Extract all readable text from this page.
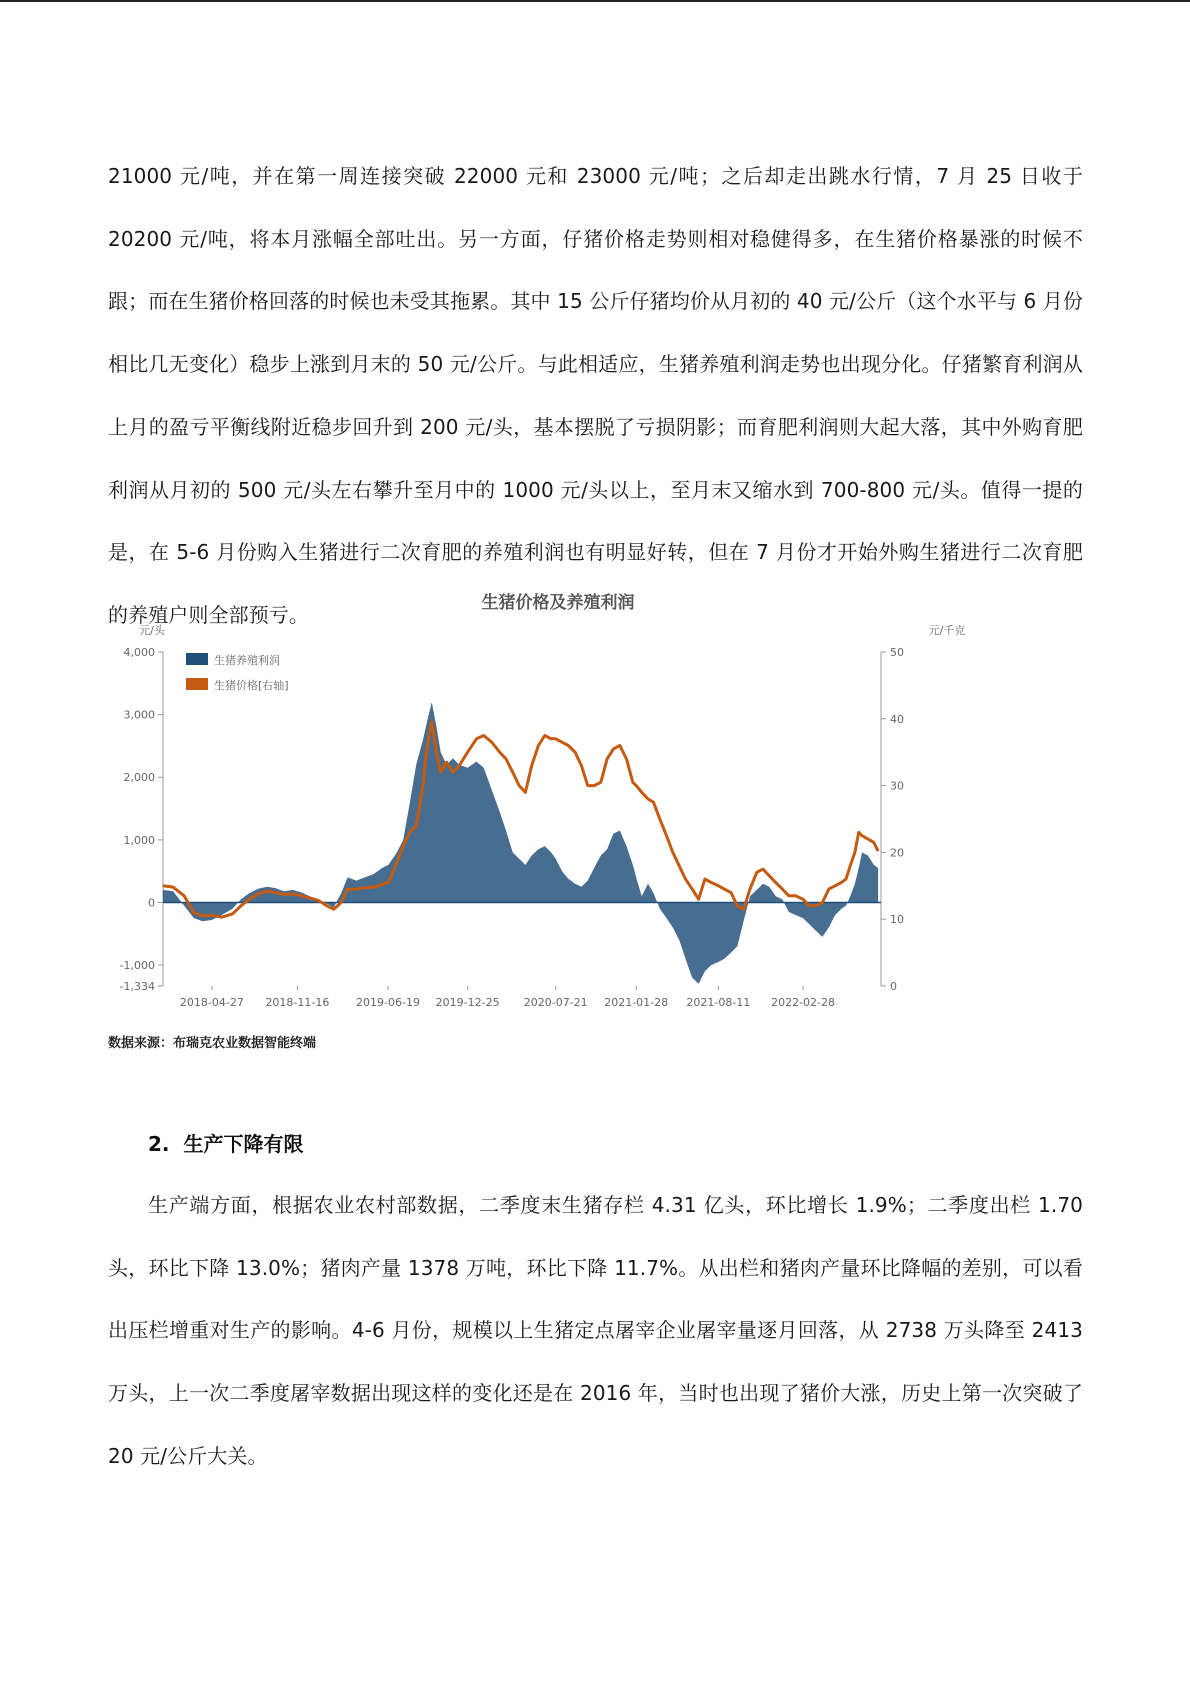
21000 元/吨，并在第一周连接突破 22000 元和 23000 元/吨；之后却走出跳水行情，7 月 25 日收于 20200 元/吨，将本月涨幅全部吐出。另一方面，仔猪价格走势则相对稳健得多，在生猪价格暴涨的时候不跟；而在生猪价格回落的时候也未受其拖累。其中 15 公斤仔猪均价从月初的 40 元/公斤（这个水平与 6 月份相比几无变化）稳步上涨到月末的 50 元/公斤。与此相适应，生猪养殖利润走势也出现分化。仔猪繁育利润从上月的盈亏平衡线附近稳步回升到 200 元/头，基本摆脱了亏损阴影；而育肥利润则大起大落，其中外购育肥利润从月初的 500 元/头左右攀升至月中的 1000 元/头以上，至月末又缩水到 700-800 元/头。值得一提的是，在 5-6 月份购入生猪进行二次育肥的养殖利润也有明显好转，但在 7 月份才开始外购生猪进行二次育肥的养殖户则全部预亏。	生猪价格及养殖利润
元/头	元/千克
4,000
3,000
2,000
1,000
0
-1,000
-1,334
50
40
30
20
10
0
2018-04-27 2018-11-16 2019-06-19 2019-12-25 2020-07-21 2021-01-28 2021-08-11 2022-02-28
生猪养殖利润
生猪价格[右轴]
数据来源：布瑞克农业数据智能终端
2. 生产下降有限

生产端方面，根据农业农村部数据，二季度末生猪存栏 4.31 亿头，环比增长 1.9%；二季度出栏 1.70 头，环比下降 13.0%；猪肉产量 1378 万吨，环比下降 11.7%。从出栏和猪肉产量环比降幅的差别，可以看出压栏增重对生产的影响。4-6 月份，规模以上生猪定点屠宰企业屠宰量逐月回落，从 2738 万头降至 2413 万头，上一次二季度屠宰数据出现这样的变化还是在 2016 年，当时也出现了猪价大涨，历史上第一次突破了 20 元/公斤大关。
